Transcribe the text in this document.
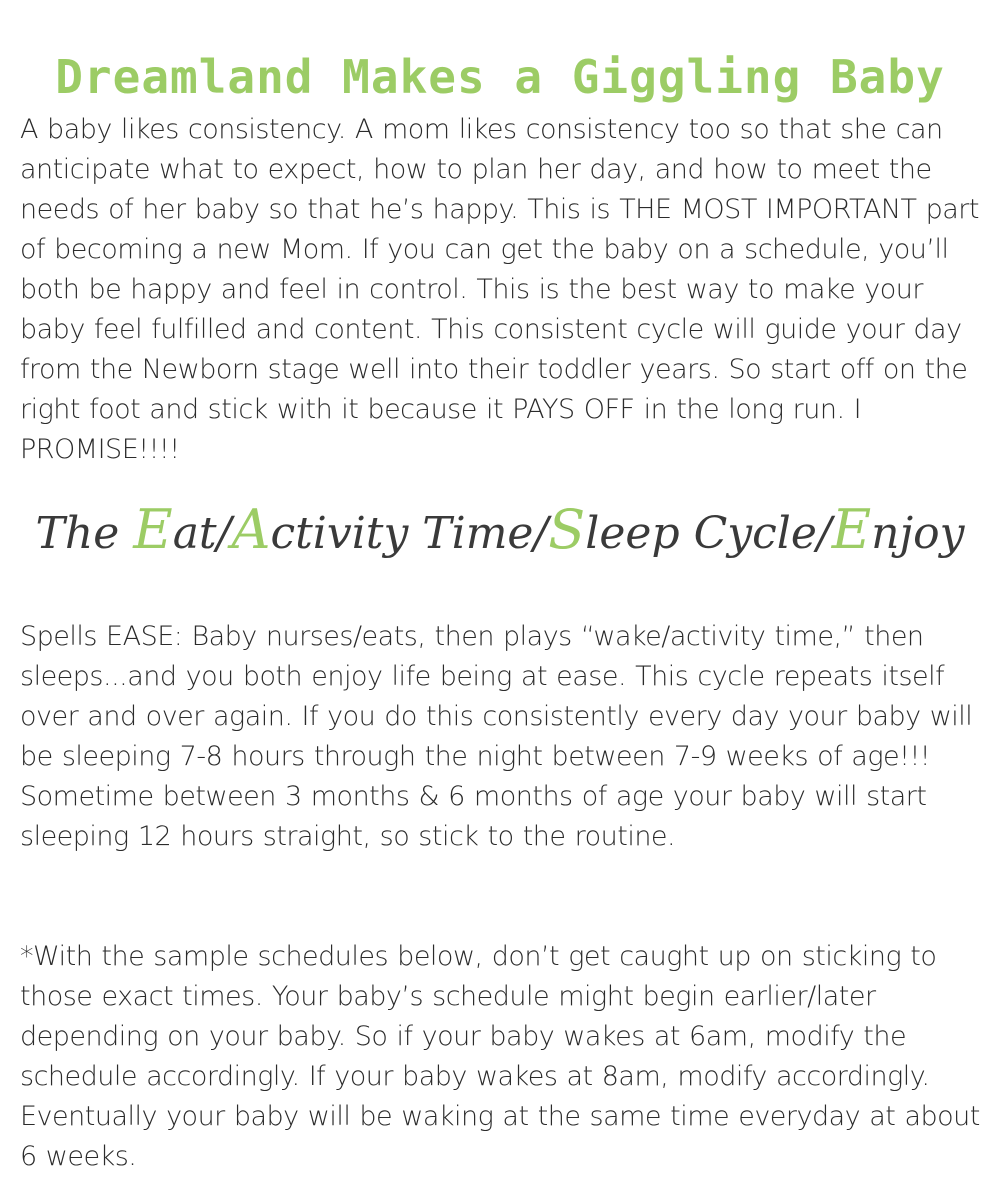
Dreamland Makes a Giggling Baby

A baby likes consistency. A mom likes consistency too so that she can anticipate what to expect, how to plan her day, and how to meet the needs of her baby so that he’s happy. This is THE MOST IMPORTANT part of becoming a new Mom. If you can get the baby on a schedule, you’ll both be happy and feel in control. This is the best way to make your baby feel fulfilled and content. This consistent cycle will guide your day from the Newborn stage well into their toddler years. So start off on the right foot and stick with it because it PAYS OFF in the long run. I PROMISE!!!!

The Eat/Activity Time/Sleep Cycle/Enjoy

Spells EASE: Baby nurses/eats, then plays “wake/activity time,” then sleeps...and you both enjoy life being at ease. This cycle repeats itself over and over again. If you do this consistently every day your baby will be sleeping 7-8 hours through the night between 7-9 weeks of age!!! Sometime between 3 months & 6 months of age your baby will start sleeping 12 hours straight, so stick to the routine.

*With the sample schedules below, don’t get caught up on sticking to those exact times. Your baby’s schedule might begin earlier/later depending on your baby. So if your baby wakes at 6am, modify the schedule accordingly. If your baby wakes at 8am, modify accordingly. Eventually your baby will be waking at the same time everyday at about 6 weeks.
